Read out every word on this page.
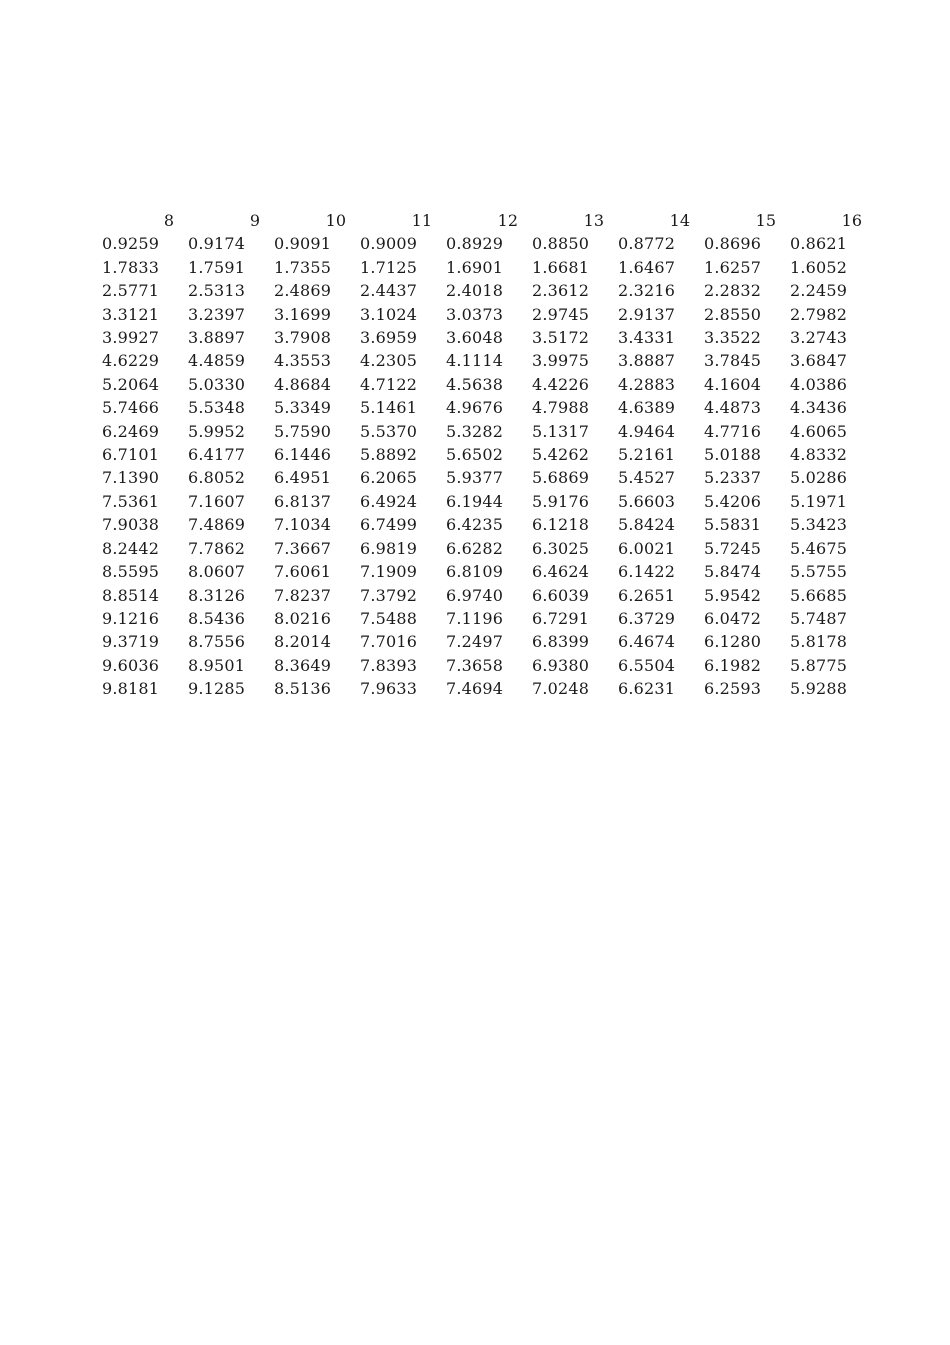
8	9	10	11	12	13	14	15	16
0.9259	0.9174	0.9091	0.9009	0.8929	0.8850	0.8772	0.8696	0.8621
1.7833	1.7591	1.7355	1.7125	1.6901	1.6681	1.6467	1.6257	1.6052
2.5771	2.5313	2.4869	2.4437	2.4018	2.3612	2.3216	2.2832	2.2459
3.3121	3.2397	3.1699	3.1024	3.0373	2.9745	2.9137	2.8550	2.7982
3.9927	3.8897	3.7908	3.6959	3.6048	3.5172	3.4331	3.3522	3.2743
4.6229	4.4859	4.3553	4.2305	4.1114	3.9975	3.8887	3.7845	3.6847
5.2064	5.0330	4.8684	4.7122	4.5638	4.4226	4.2883	4.1604	4.0386
5.7466	5.5348	5.3349	5.1461	4.9676	4.7988	4.6389	4.4873	4.3436
6.2469	5.9952	5.7590	5.5370	5.3282	5.1317	4.9464	4.7716	4.6065
6.7101	6.4177	6.1446	5.8892	5.6502	5.4262	5.2161	5.0188	4.8332
7.1390	6.8052	6.4951	6.2065	5.9377	5.6869	5.4527	5.2337	5.0286
7.5361	7.1607	6.8137	6.4924	6.1944	5.9176	5.6603	5.4206	5.1971
7.9038	7.4869	7.1034	6.7499	6.4235	6.1218	5.8424	5.5831	5.3423
8.2442	7.7862	7.3667	6.9819	6.6282	6.3025	6.0021	5.7245	5.4675
8.5595	8.0607	7.6061	7.1909	6.8109	6.4624	6.1422	5.8474	5.5755
8.8514	8.3126	7.8237	7.3792	6.9740	6.6039	6.2651	5.9542	5.6685
9.1216	8.5436	8.0216	7.5488	7.1196	6.7291	6.3729	6.0472	5.7487
9.3719	8.7556	8.2014	7.7016	7.2497	6.8399	6.4674	6.1280	5.8178
9.6036	8.9501	8.3649	7.8393	7.3658	6.9380	6.5504	6.1982	5.8775
9.8181	9.1285	8.5136	7.9633	7.4694	7.0248	6.6231	6.2593	5.9288
